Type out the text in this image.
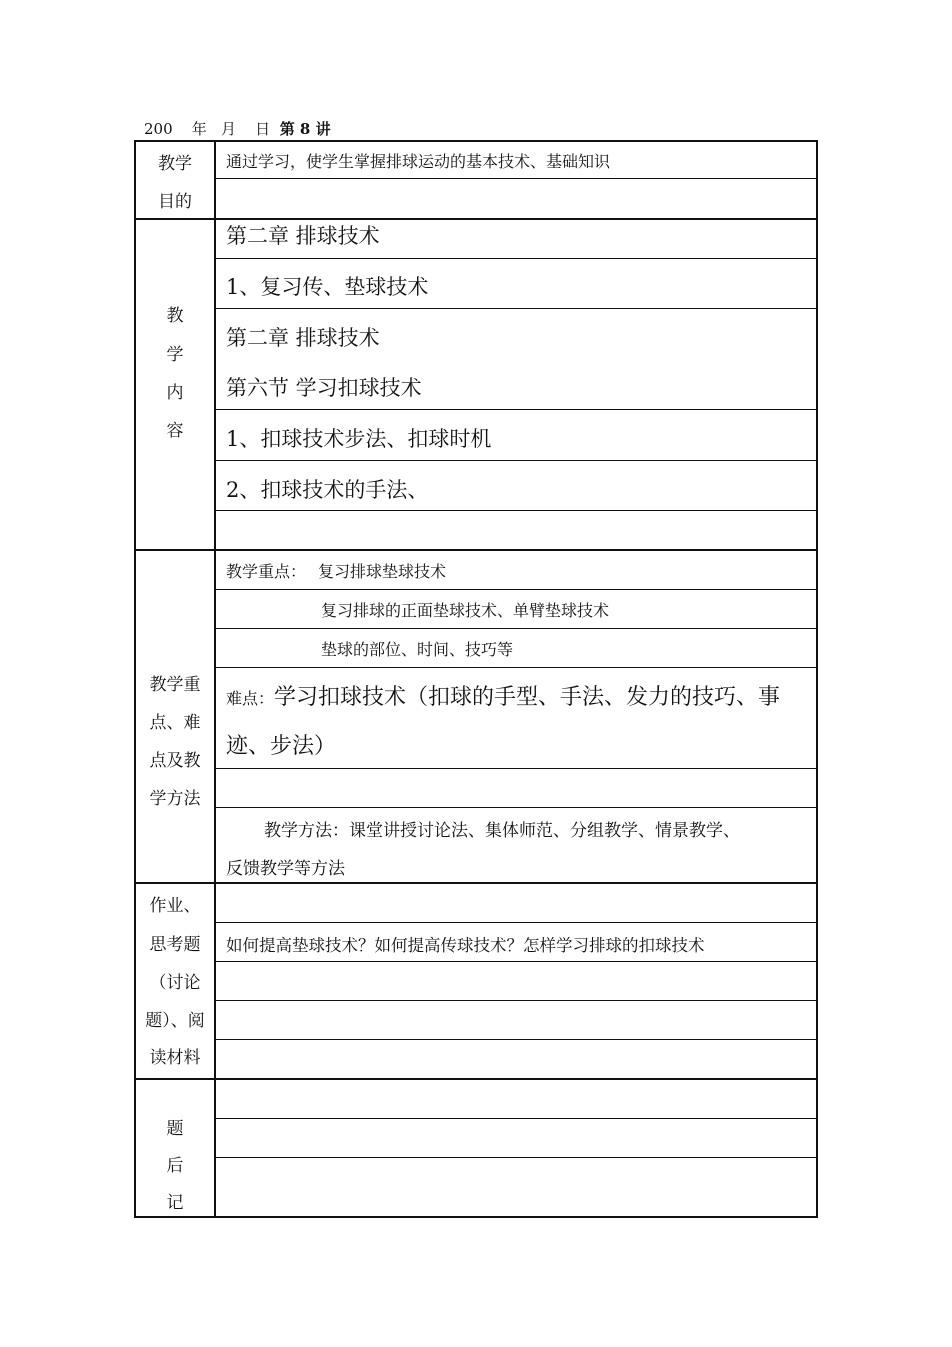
200 年 月 日 第 8 讲
教学
目的
通过学习，使学生掌握排球运动的基本技术、基础知识
教
学
内
容
第二章 排球技术
1、复习传、垫球技术
第二章 排球技术
第六节 学习扣球技术
1、扣球技术步法、扣球时机
2、扣球技术的手法、
教学重
点、难
点及教
学方法
教学重点： 复习排球垫球技术
复习排球的正面垫球技术、单臂垫球技术
垫球的部位、时间、技巧等
难点：学习扣球技术（扣球的手型、手法、发力的技巧、事
迹、步法）
教学方法：课堂讲授讨论法、集体师范、分组教学、情景教学、
反馈教学等方法
作业、
思考题
（讨论
题）、阅
读材料
如何提高垫球技术？如何提高传球技术？怎样学习排球的扣球技术
题
后
记
